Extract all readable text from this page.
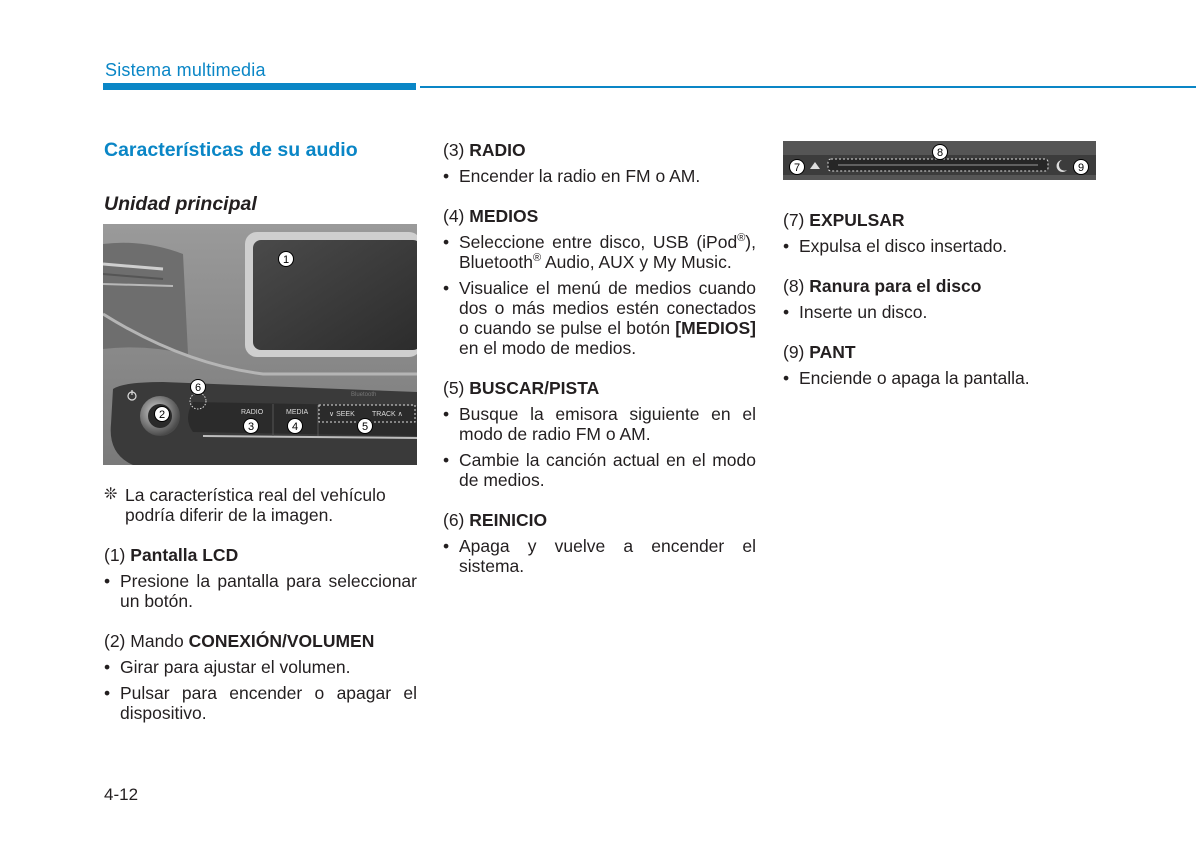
Sistema multimedia

Características de su audio

Unidad principal

RADIO	MEDIA	∨ SEEK TRACK ∧
Bluetooth
1
2
3	4	5
6
❊ La característica real del vehículo podría diferir de la imagen.
(1) Pantalla LCD
• Presione la pantalla para seleccionar un botón.
(2) Mando CONEXIÓN/VOLUMEN
• Girar para ajustar el volumen.
• Pulsar para encender o apagar el dispositivo.
(3) RADIO
• Encender la radio en FM o AM.
(4) MEDIOS
• Seleccione entre disco, USB (iPod®), Bluetooth® Audio, AUX y My Music.
• Visualice el menú de medios cuando dos o más medios estén conectados o cuando se pulse el botón [MEDIOS] en el modo de medios.
(5) BUSCAR/PISTA
• Busque la emisora siguiente en el modo de radio FM o AM.
• Cambie la canción actual en el modo de medios.
(6) REINICIO
• Apaga y vuelve a encender el sistema.
7
8
9
(7) EXPULSAR
• Expulsa el disco insertado.
(8) Ranura para el disco
• Inserte un disco.
(9) PANT
• Enciende o apaga la pantalla.
4-12
